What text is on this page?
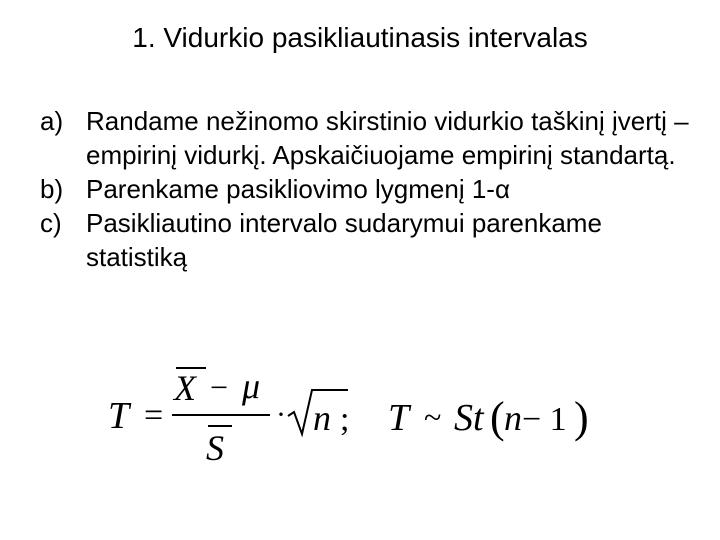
1. Vidurkio pasikliautinasis intervalas
a) Randame nežinomo skirstinio vidurkio taškinį įvertį – empirinį vidurkį. Apskaičiuojame empirinį standartą.
b) Parenkame pasikliovimo lygmenį 1-α
c) Pasikliautino intervalo sudarymui parenkame statistiką
T =
X − μ
S
· n ; T ~ St ( n − 1 )
